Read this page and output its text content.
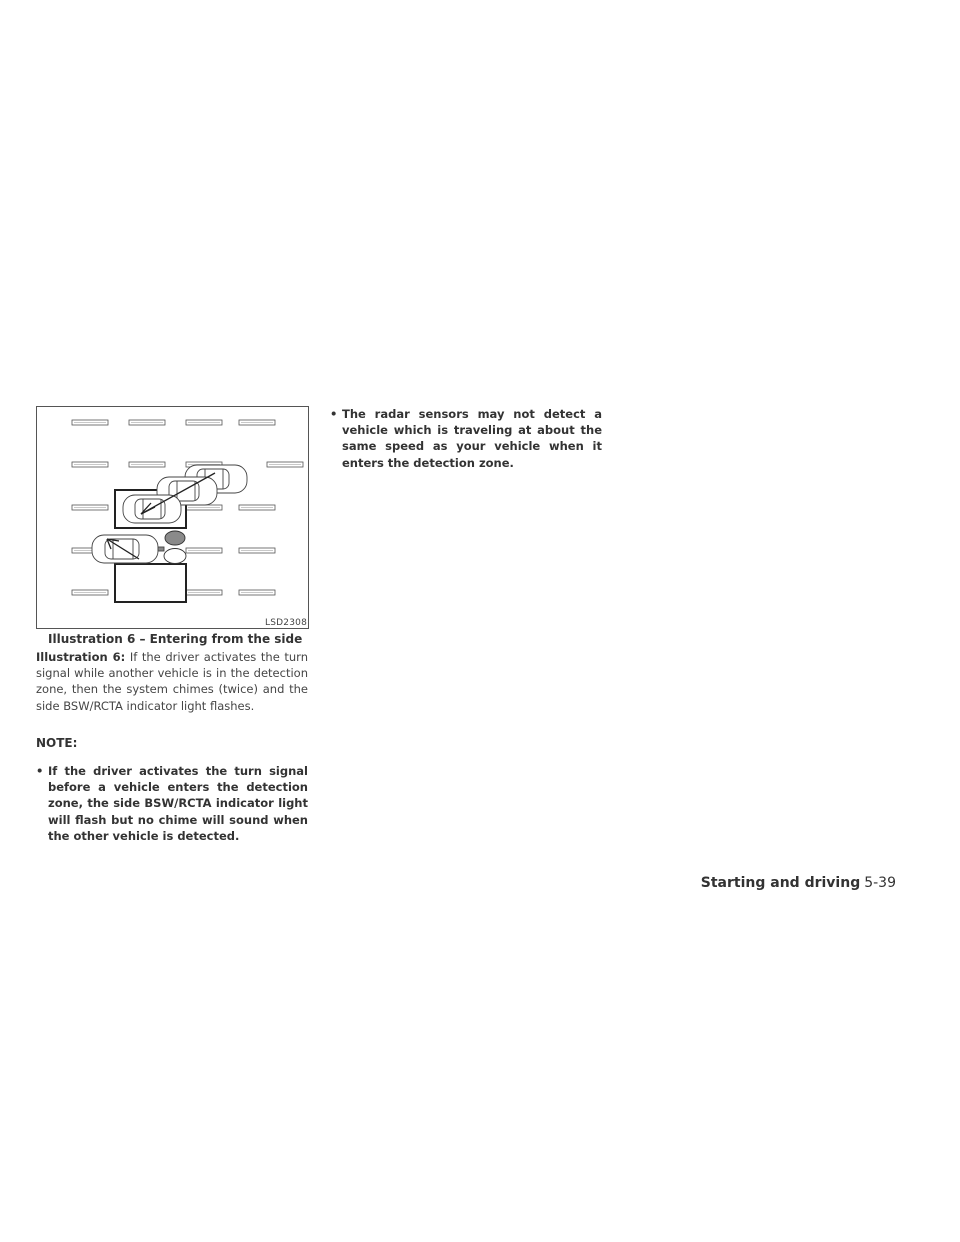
LSD2308
Illustration 6 – Entering from the side
Illustration 6: If the driver activates the turn signal while another vehicle is in the detection zone, then the system chimes (twice) and the side BSW/RCTA indicator light flashes.
NOTE:
• If the driver activates the turn signal before a vehicle enters the detection zone, the side BSW/RCTA indicator light will flash but no chime will sound when the other vehicle is detected.
• The radar sensors may not detect a vehicle which is traveling at about the same speed as your vehicle when it enters the detection zone.
Starting and driving 5-39
